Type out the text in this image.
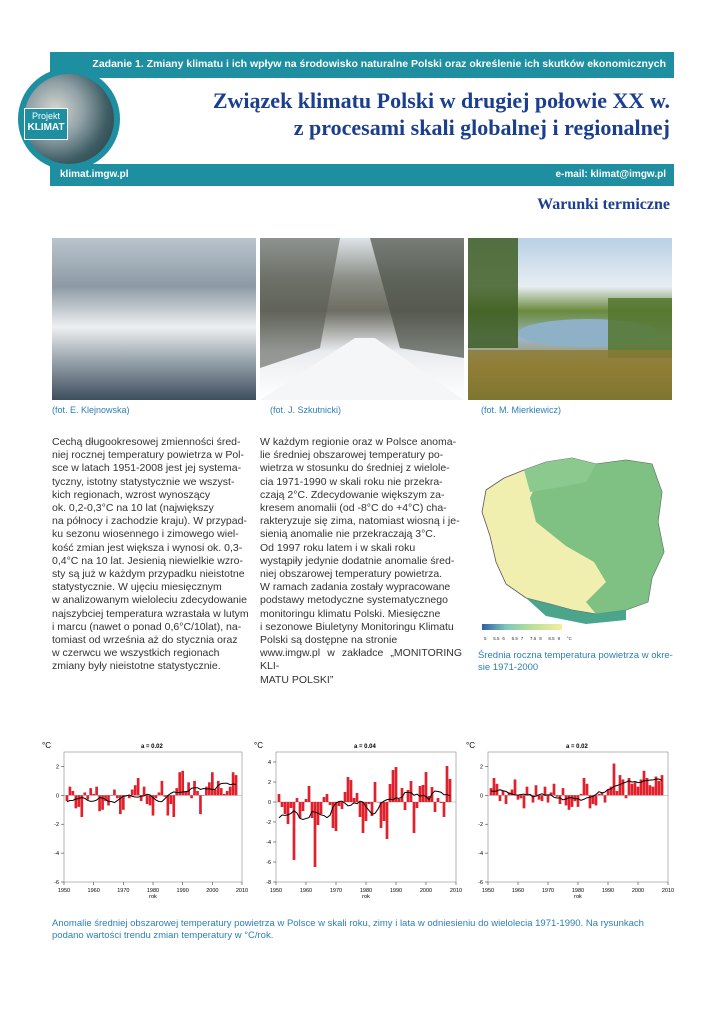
Zadanie 1. Zmiany klimatu i ich wpływ na środowisko naturalne Polski oraz określenie ich skutków ekonomicznych
Projekt
KLIMAT
Związek klimatu Polski w drugiej połowie XX w.
z procesami skali globalnej i regionalnej
klimat.imgw.pl	e-mail: klimat@imgw.pl
Warunki termiczne
(fot. E. Klejnowska)	(fot. J. Szkutnicki)	(fot. M. Mierkiewicz)
Cechą długookresowej zmienności śred-
niej rocznej temperatury powietrza w Pol-
sce w latach 1951-2008 jest jej systema-
tyczny, istotny statystycznie we wszyst-
kich regionach, wzrost wynoszący
ok. 0,2-0,3°C na 10 lat (największy
na północy i zachodzie kraju). W przypad-
ku sezonu wiosennego i zimowego wiel-
kość zmian jest większa i wynosi ok. 0,3-
0,4°C na 10 lat. Jesienią niewielkie wzro-
sty są już w każdym przypadku nieistotne
statystycznie. W ujęciu miesięcznym
w analizowanym wieloleciu zdecydowanie
najszybciej temperatura wzrastała w lutym
i marcu (nawet o ponad 0,6°C/10lat), na-
tomiast od września aż do stycznia oraz
w czerwcu we wszystkich regionach
zmiany były nieistotne statystycznie.
W każdym regionie oraz w Polsce anoma-
lie średniej obszarowej temperatury po-
wietrza w stosunku do średniej z wielole-
cia 1971-1990 w skali roku nie przekra-
czają 2°C. Zdecydowanie większym za-
kresem anomalii (od -8°C do +4°C) cha-
rakteryzuje się zima, natomiast wiosną i je-
sienią anomalie nie przekraczają 3°C.
Od 1997 roku latem i w skali roku
wystąpiły jedynie dodatnie anomalie śred-
niej obszarowej temperatury powietrza.
W ramach zadania zostały wypracowane
podstawy metodyczne systematycznego
monitoringu klimatu Polski. Miesięczne
i sezonowe Biuletyny Monitoringu Klimatu
Polski są dostępne na stronie
www.imgw.pl w zakładce „MONITORING KLI-
MATU POLSKI”
5 5.5 6 6.5 7 7.5 8 8.5 9 °C
Średnia roczna temperatura powietrza w okre-
sie 1971-2000
°C	a = 0.02
-6
-4
-2
0
2
1950	1960	1970	1980
rok
1990	2000	2010
°C	a = 0.04
-8
-6
-4
-2
0
2
4
1950	1960	1970	1980
rok
1990	2000	2010
°C	a = 0.02
-6
-4
-2
0
2
1950	1960	1970	1980
rok
1990	2000	2010
Anomalie średniej obszarowej temperatury powietrza w Polsce w skali roku, zimy i lata w odniesieniu do wielolecia 1971-1990. Na rysunkach podano wartości trendu zmian temperatury w °C/rok.
